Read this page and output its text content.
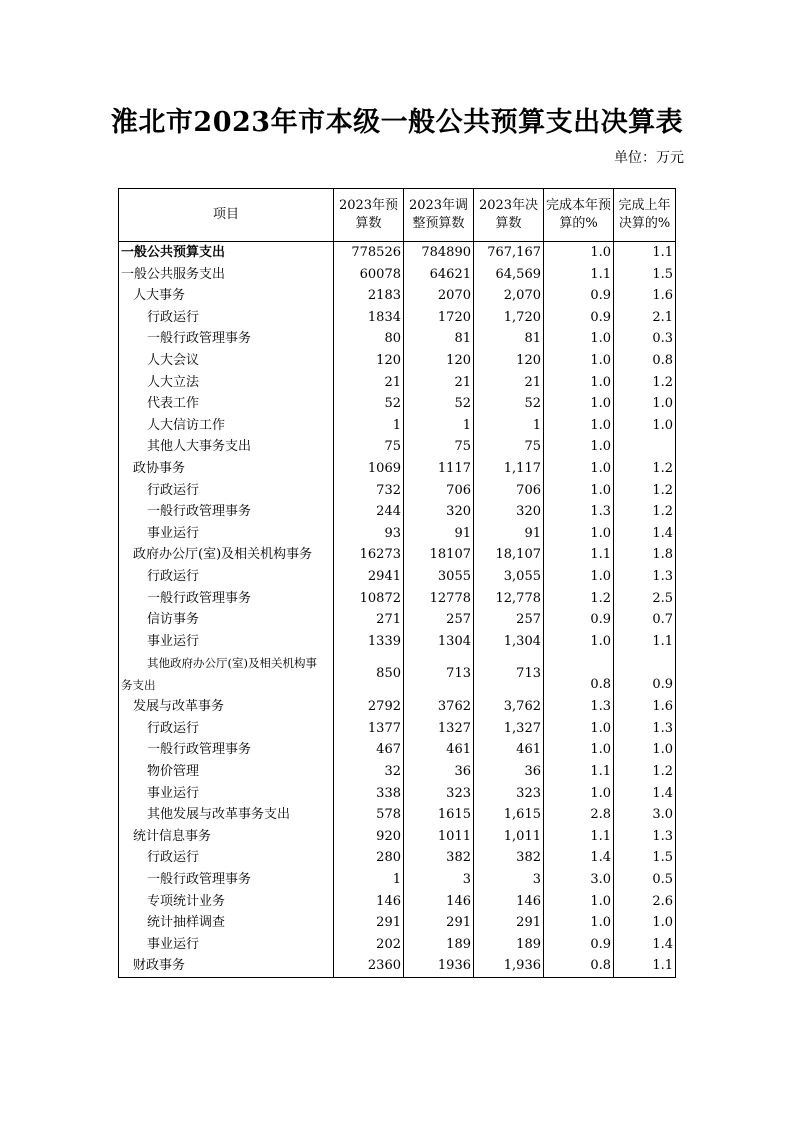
淮北市2023年市本级一般公共预算支出决算表
单位：万元
项目	2023年预算数	2023年调整预算数	2023年决算数	完成本年预算的%	完成上年决算的%
一般公共预算支出	778526	784890	767,167	1.0	1.1
一般公共服务支出	60078	64621	64,569	1.1	1.5
人大事务	2183	2070	2,070	0.9	1.6
行政运行	1834	1720	1,720	0.9	2.1
一般行政管理事务	80	81	81	1.0	0.3
人大会议	120	120	120	1.0	0.8
人大立法	21	21	21	1.0	1.2
代表工作	52	52	52	1.0	1.0
人大信访工作	1	1	1	1.0	1.0
其他人大事务支出	75	75	75	1.0	
政协事务	1069	1117	1,117	1.0	1.2
行政运行	732	706	706	1.0	1.2
一般行政管理事务	244	320	320	1.3	1.2
事业运行	93	91	91	1.0	1.4
政府办公厅(室)及相关机构事务	16273	18107	18,107	1.1	1.8
行政运行	2941	3055	3,055	1.0	1.3
一般行政管理事务	10872	12778	12,778	1.2	2.5
信访事务	271	257	257	0.9	0.7
事业运行	1339	1304	1,304	1.0	1.1
其他政府办公厅(室)及相关机构事
务支出	850	713	713	0.8	0.9
发展与改革事务	2792	3762	3,762	1.3	1.6
行政运行	1377	1327	1,327	1.0	1.3
一般行政管理事务	467	461	461	1.0	1.0
物价管理	32	36	36	1.1	1.2
事业运行	338	323	323	1.0	1.4
其他发展与改革事务支出	578	1615	1,615	2.8	3.0
统计信息事务	920	1011	1,011	1.1	1.3
行政运行	280	382	382	1.4	1.5
一般行政管理事务	1	3	3	3.0	0.5
专项统计业务	146	146	146	1.0	2.6
统计抽样调查	291	291	291	1.0	1.0
事业运行	202	189	189	0.9	1.4
财政事务	2360	1936	1,936	0.8	1.1
